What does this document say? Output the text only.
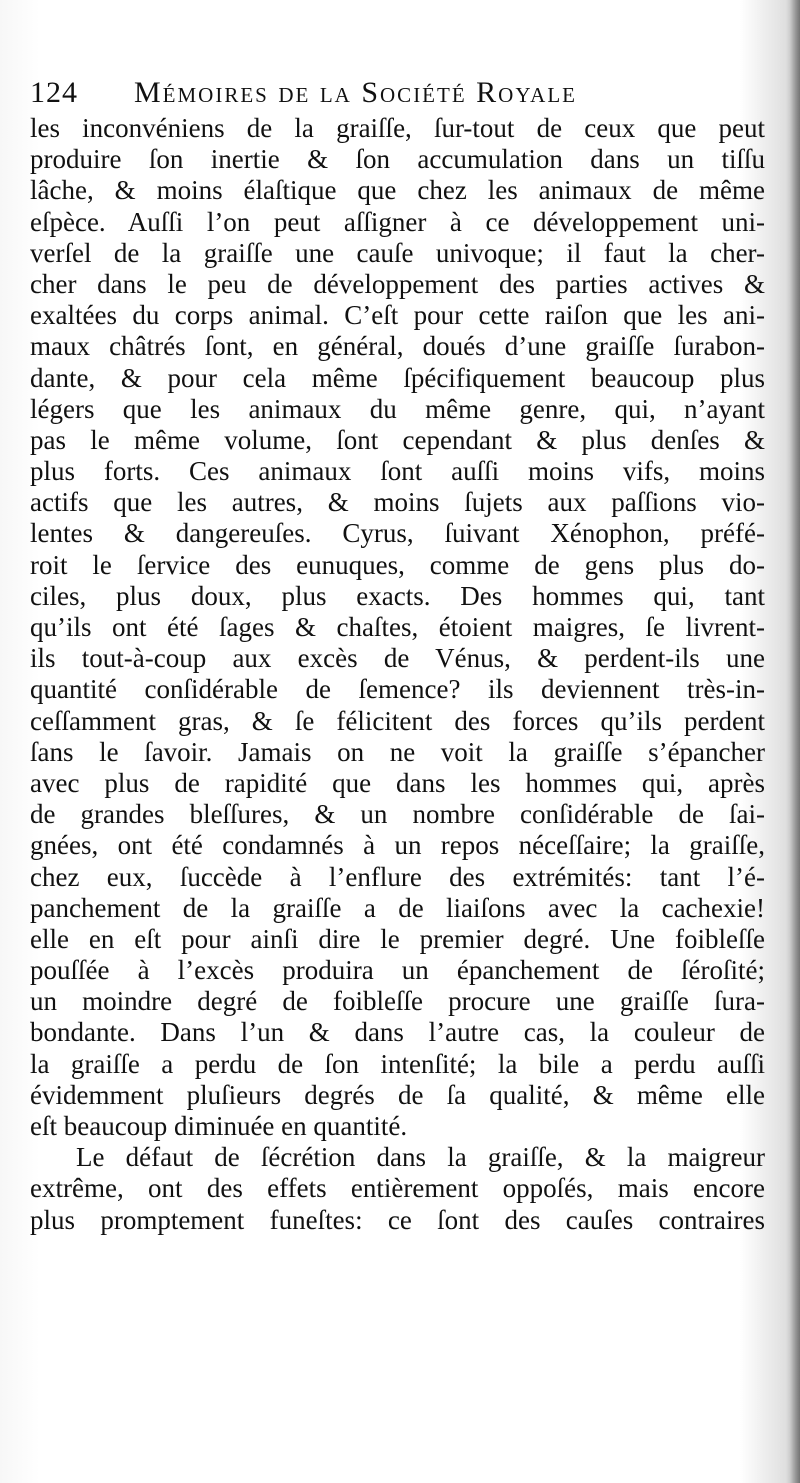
124 Mémoires de la Société Royale
les inconvéniens de la graiſſe, ſur-tout de ceux que peut
produire ſon inertie & ſon accumulation dans un tiſſu
lâche, & moins élaſtique que chez les animaux de même
eſpèce. Auſſi l’on peut aſſigner à ce développement uni-
verſel de la graiſſe une cauſe univoque; il faut la cher-
cher dans le peu de développement des parties actives &
exaltées du corps animal. C’eſt pour cette raiſon que les ani-
maux châtrés ſont, en général, doués d’une graiſſe ſurabon-
dante, & pour cela même ſpécifiquement beaucoup plus
légers que les animaux du même genre, qui, n’ayant
pas le même volume, ſont cependant & plus denſes &
plus forts. Ces animaux ſont auſſi moins vifs, moins
actifs que les autres, & moins ſujets aux paſſions vio-
lentes & dangereuſes. Cyrus, ſuivant Xénophon, préfé-
roit le ſervice des eunuques, comme de gens plus do-
ciles, plus doux, plus exacts. Des hommes qui, tant
qu’ils ont été ſages & chaſtes, étoient maigres, ſe livrent-
ils tout-à-coup aux excès de Vénus, & perdent-ils une
quantité conſidérable de ſemence? ils deviennent très-in-
ceſſamment gras, & ſe félicitent des forces qu’ils perdent
ſans le ſavoir. Jamais on ne voit la graiſſe s’épancher
avec plus de rapidité que dans les hommes qui, après
de grandes bleſſures, & un nombre conſidérable de ſai-
gnées, ont été condamnés à un repos néceſſaire; la graiſſe,
chez eux, ſuccède à l’enflure des extrémités: tant l’é-
panchement de la graiſſe a de liaiſons avec la cachexie!
elle en eſt pour ainſi dire le premier degré. Une foibleſſe
pouſſée à l’excès produira un épanchement de ſéroſité;
un moindre degré de foibleſſe procure une graiſſe ſura-
bondante. Dans l’un & dans l’autre cas, la couleur de
la graiſſe a perdu de ſon intenſité; la bile a perdu auſſi
évidemment pluſieurs degrés de ſa qualité, & même elle
eſt beaucoup diminuée en quantité.
Le défaut de ſécrétion dans la graiſſe, & la maigreur
extrême, ont des effets entièrement oppoſés, mais encore
plus promptement funeſtes: ce ſont des cauſes contraires
